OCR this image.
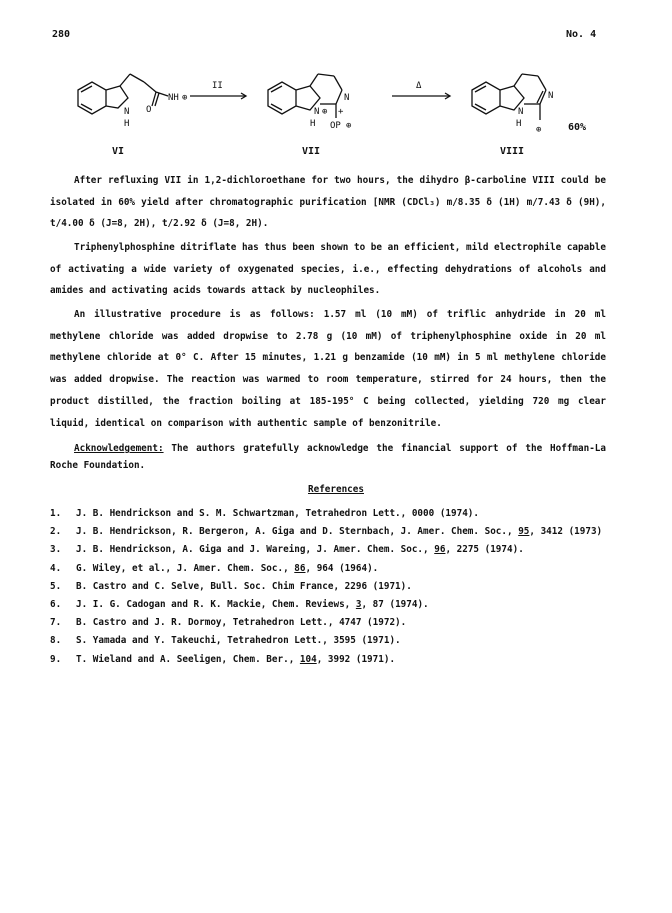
280	No. 4
N
H
O
NH ⊕
II
N
H
⊕
N
+
OP ⊕
Δ
N
H
N
⊕	60%
VI	VII	VIII

After refluxing VII in 1,2-dichloroethane for two hours, the dihydro β-carboline VIII could be isolated in 60% yield after chromatographic purification [NMR (CDCl₃) m/8.35 δ (1H) m/7.43 δ (9H), t/4.00 δ (J=8, 2H), t/2.92 δ (J=8, 2H).

Triphenylphosphine ditriflate has thus been shown to be an efficient, mild electrophile capable of activating a wide variety of oxygenated species, i.e., effecting dehydrations of alcohols and amides and activating acids towards attack by nucleophiles.

An illustrative procedure is as follows: 1.57 ml (10 mM) of triflic anhydride in 20 ml methylene chloride was added dropwise to 2.78 g (10 mM) of triphenylphosphine oxide in 20 ml methylene chloride at 0° C. After 15 minutes, 1.21 g benzamide (10 mM) in 5 ml methylene chloride was added dropwise. The reaction was warmed to room temperature, stirred for 24 hours, then the product distilled, the fraction boiling at 185-195° C being collected, yielding 720 mg clear liquid, identical on comparison with authentic sample of benzonitrile.

Acknowledgement: The authors gratefully acknowledge the financial support of the Hoffman-La Roche Foundation.

References
1. J. B. Hendrickson and S. M. Schwartzman, Tetrahedron Lett., 0000 (1974).
2. J. B. Hendrickson, R. Bergeron, A. Giga and D. Sternbach, J. Amer. Chem. Soc., 95, 3412 (1973)
3. J. B. Hendrickson, A. Giga and J. Wareing, J. Amer. Chem. Soc., 96, 2275 (1974).
4. G. Wiley, et al., J. Amer. Chem. Soc., 86, 964 (1964).
5. B. Castro and C. Selve, Bull. Soc. Chim France, 2296 (1971).
6. J. I. G. Cadogan and R. K. Mackie, Chem. Reviews, 3, 87 (1974).
7. B. Castro and J. R. Dormoy, Tetrahedron Lett., 4747 (1972).
8. S. Yamada and Y. Takeuchi, Tetrahedron Lett., 3595 (1971).
9. T. Wieland and A. Seeligen, Chem. Ber., 104, 3992 (1971).
